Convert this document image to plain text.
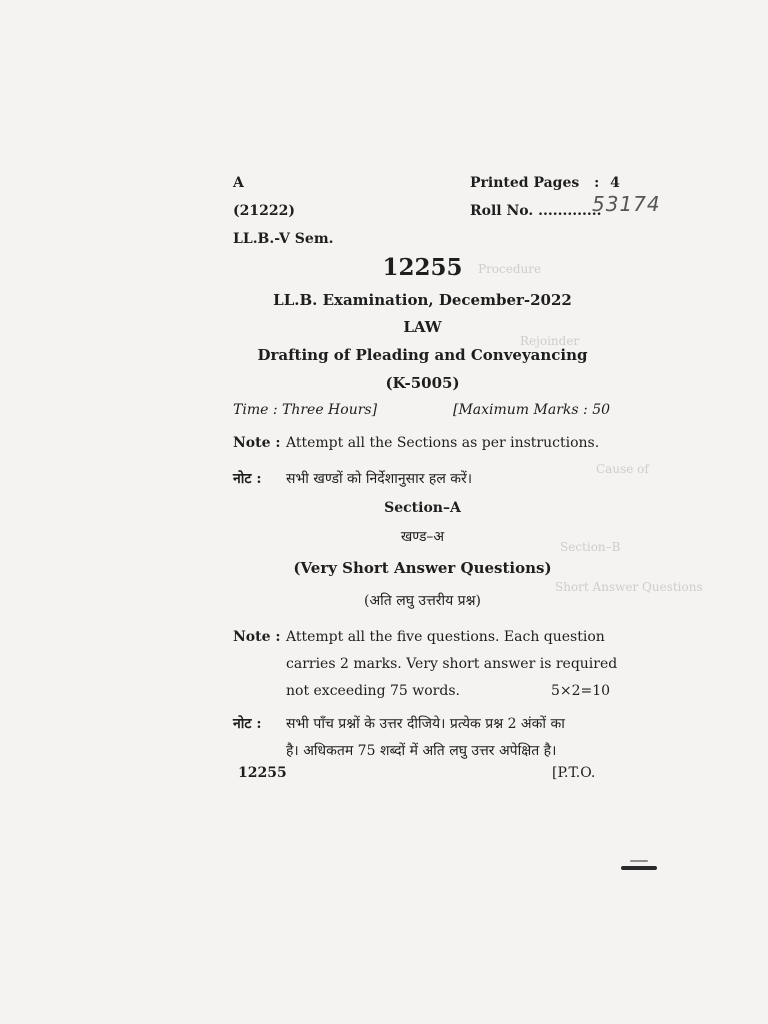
Procedure
Rejoinder
Cause of
Section–B
Short Answer Questions
A	Printed Pages : 4
(21222)	Roll No. .............
53174
LL.B.-V Sem.
12255
LL.B. Examination, December-2022
LAW
Drafting of Pleading and Conveyancing
(K-5005)
Time : Three Hours]	[Maximum Marks : 50
Note : Attempt all the Sections as per instructions.
नोट : सभी खण्डों को निर्देशानुसार हल करें।
Section–A
खण्ड–अ
(Very Short Answer Questions)
(अति लघु उत्तरीय प्रश्न)
Note : Attempt all the five questions. Each question
carries 2 marks. Very short answer is required
not exceeding 75 words.	5×2=10
नोट : सभी पाँच प्रश्नों के उत्तर दीजिये। प्रत्येक प्रश्न 2 अंकों का
है। अधिकतम 75 शब्दों में अति लघु उत्तर अपेक्षित है।
12255	[P.T.O.
